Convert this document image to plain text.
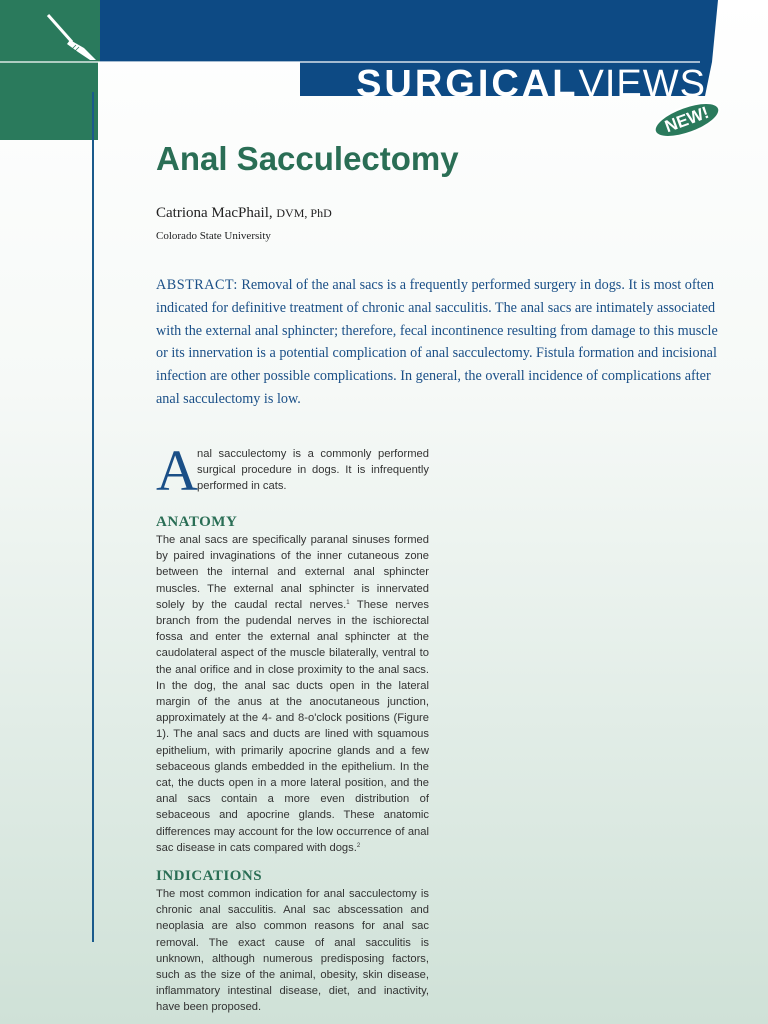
SURGICALVIEWS
NEW!
Anal Sacculectomy
Catriona MacPhail, DVM, PhD
Colorado State University
ABSTRACT: Removal of the anal sacs is a frequently performed surgery in dogs. It is most often indicated for definitive treatment of chronic anal sacculitis. The anal sacs are intimately associated with the external anal sphincter; therefore, fecal incontinence resulting from damage to this muscle or its innervation is a potential complication of anal sacculectomy. Fistula formation and incisional infection are other possible complications. In general, the overall incidence of complications after anal sacculectomy is low.
A nal sacculectomy is a commonly performed surgical procedure in dogs. It is infrequently performed in cats.

ANATOMY

The anal sacs are specifically paranal sinuses formed by paired invaginations of the inner cutaneous zone between the internal and external anal sphincter muscles. The external anal sphincter is innervated solely by the caudal rectal nerves.$^1$ These nerves branch from the pudendal nerves in the ischiorectal fossa and enter the external anal sphincter at the caudolateral aspect of the muscle bilaterally, ventral to the anal orifice and in close proximity to the anal sacs. In the dog, the anal sac ducts open in the lateral margin of the anus at the anocutaneous junction, approximately at the 4- and 8-o'clock positions (Figure 1). The anal sacs and ducts are lined with squamous epithelium, with primarily apocrine glands and a few sebaceous glands embedded in the epithelium. In the cat, the ducts open in a more lateral position, and the anal sacs contain a more even distribution of sebaceous and apocrine glands. These anatomic differences may account for the low occurrence of anal sac disease in cats compared with dogs.$^2$

INDICATIONS

The most common indication for anal sacculectomy is chronic anal sacculitis. Anal sac abscessation and neoplasia are also common reasons for anal sac removal. The exact cause of anal sacculitis is unknown, although numerous predisposing factors, such as the size of the animal, obesity, skin disease, inflammatory intestinal disease, diet, and inactivity, have been proposed.
